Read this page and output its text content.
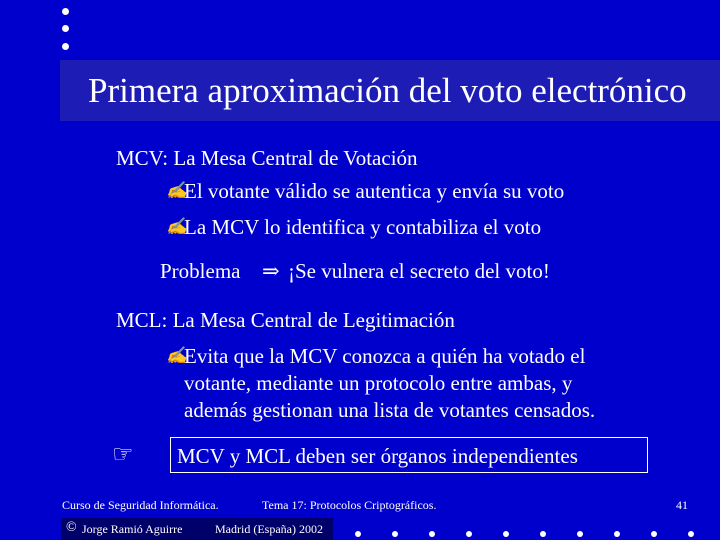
Primera aproximación del voto electrónico
MCV: La Mesa Central de Votación
✍
El votante válido se autentica y envía su voto
✍
La MCV lo identifica y contabiliza el voto
Problema ⇒ ¡Se vulnera el secreto del voto!
MCL: La Mesa Central de Legitimación
✍
Evita que la MCV conozca a quién ha votado el
votante, mediante un protocolo entre ambas, y
además gestionan una lista de votantes censados.
☞ MCV y MCL deben ser órganos independientes
Curso de Seguridad Informática.	Tema 17: Protocolos Criptográficos.	41
© Jorge Ramió Aguirre	Madrid (España) 2002
